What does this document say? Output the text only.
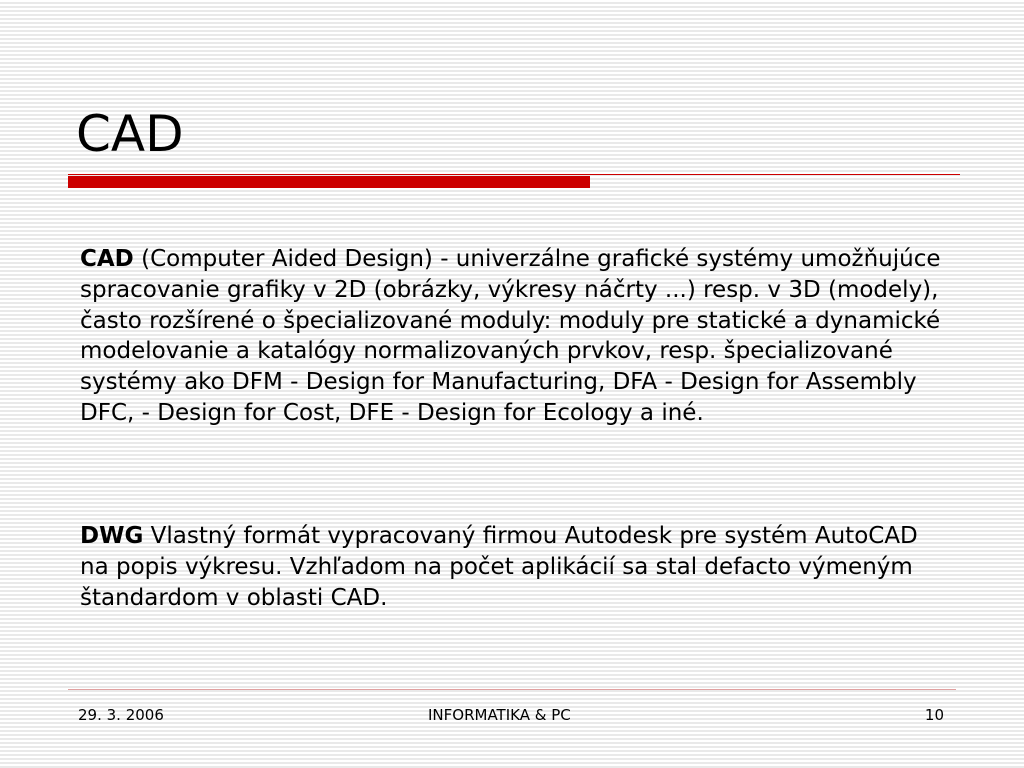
CAD

CAD (Computer Aided Design) - univerzálne grafické systémy umožňujúce spracovanie grafiky v 2D (obrázky, výkresy náčrty ...) resp. v 3D (modely), často rozšírené o špecializované moduly: moduly pre statické a dynamické modelovanie a katalógy normalizovaných prvkov, resp. špecializované systémy ako DFM - Design for Manufacturing, DFA - Design for Assembly DFC, - Design for Cost, DFE - Design for Ecology a iné.

DWG Vlastný formát vypracovaný firmou Autodesk pre systém AutoCAD na popis výkresu. Vzhľadom na počet aplikácií sa stal defacto výmeným štandardom v oblasti CAD.

29. 3. 2006	INFORMATIKA & PC	10
